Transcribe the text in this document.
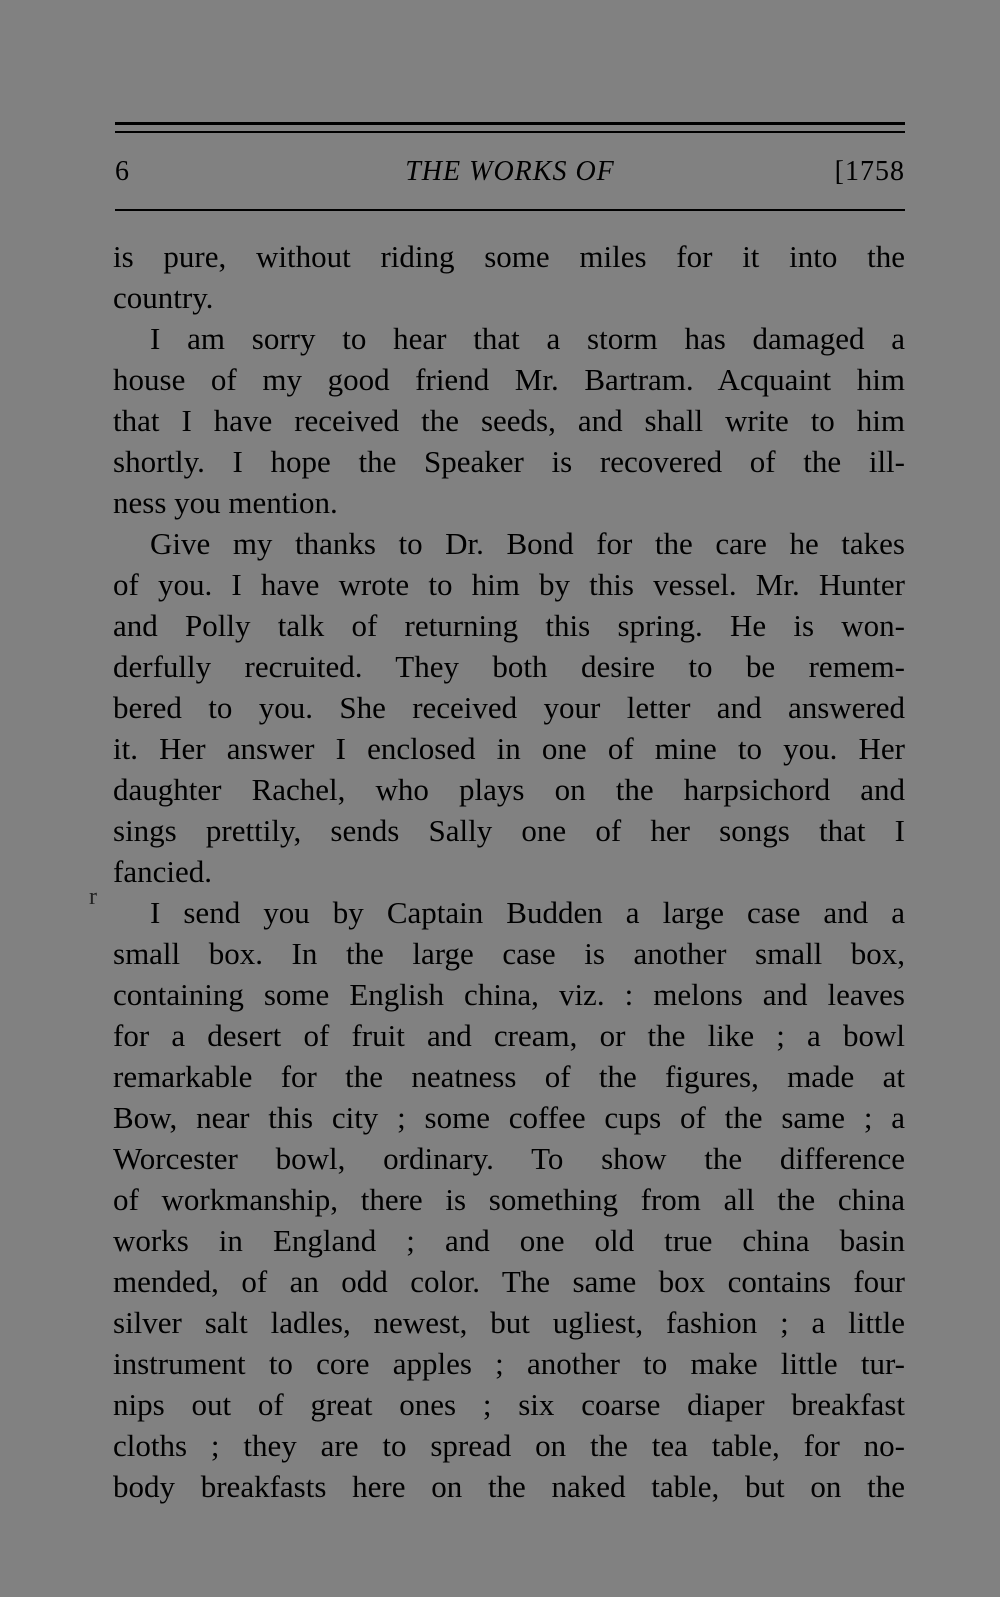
6	THE WORKS OF	[1758
r
is pure, without riding some miles for it into the
country.
I am sorry to hear that a storm has damaged a
house of my good friend Mr. Bartram. Acquaint him
that I have received the seeds, and shall write to him
shortly. I hope the Speaker is recovered of the ill-
ness you mention.
Give my thanks to Dr. Bond for the care he takes
of you. I have wrote to him by this vessel. Mr. Hunter
and Polly talk of returning this spring. He is won-
derfully recruited. They both desire to be remem-
bered to you. She received your letter and answered
it. Her answer I enclosed in one of mine to you. Her
daughter Rachel, who plays on the harpsichord and
sings prettily, sends Sally one of her songs that I
fancied.
I send you by Captain Budden a large case and a
small box. In the large case is another small box,
containing some English china, viz. : melons and leaves
for a desert of fruit and cream, or the like ; a bowl
remarkable for the neatness of the figures, made at
Bow, near this city ; some coffee cups of the same ; a
Worcester bowl, ordinary. To show the difference
of workmanship, there is something from all the china
works in England ; and one old true china basin
mended, of an odd color. The same box contains four
silver salt ladles, newest, but ugliest, fashion ; a little
instrument to core apples ; another to make little tur-
nips out of great ones ; six coarse diaper breakfast
cloths ; they are to spread on the tea table, for no-
body breakfasts here on the naked table, but on the
